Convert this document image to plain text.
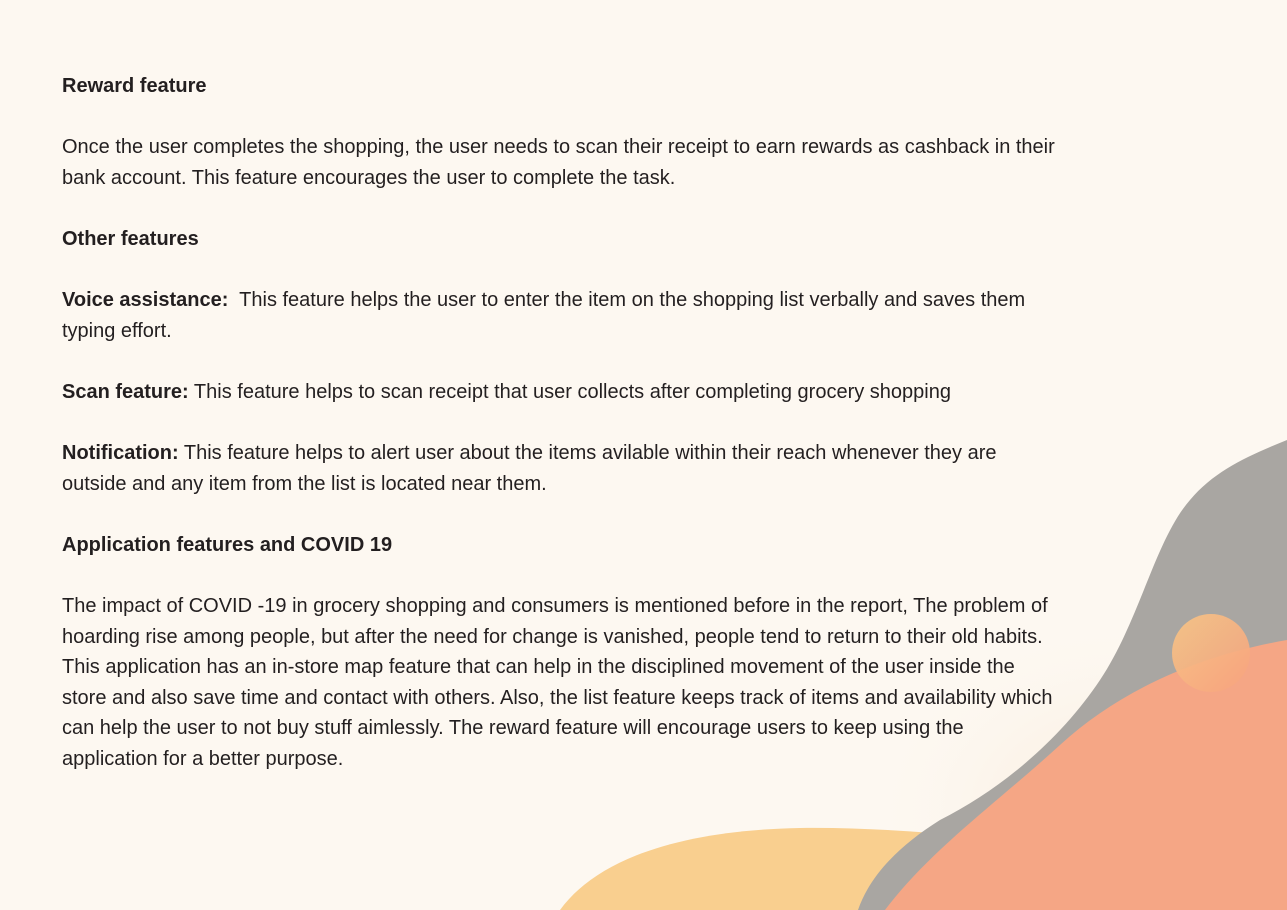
Reward feature

Once the user completes the shopping, the user needs to scan their receipt to earn rewards as cashback in their bank account. This feature encourages the user to complete the task.

Other features

Voice assistance: This feature helps the user to enter the item on the shopping list verbally and saves them typing effort.

Scan feature: This feature helps to scan receipt that user collects after completing grocery shopping

Notification: This feature helps to alert user about the items avilable within their reach whenever they are outside and any item from the list is located near them.

Application features and COVID 19

The impact of COVID -19 in grocery shopping and consumers is mentioned before in the report, The problem of hoarding rise among people, but after the need for change is vanished, people tend to return to their old habits.

This application has an in-store map feature that can help in the disciplined movement of the user inside the store and also save time and contact with others. Also, the list feature keeps track of items and availability which can help the user to not buy stuff aimlessly. The reward feature will encourage users to keep using the application for a better purpose.
